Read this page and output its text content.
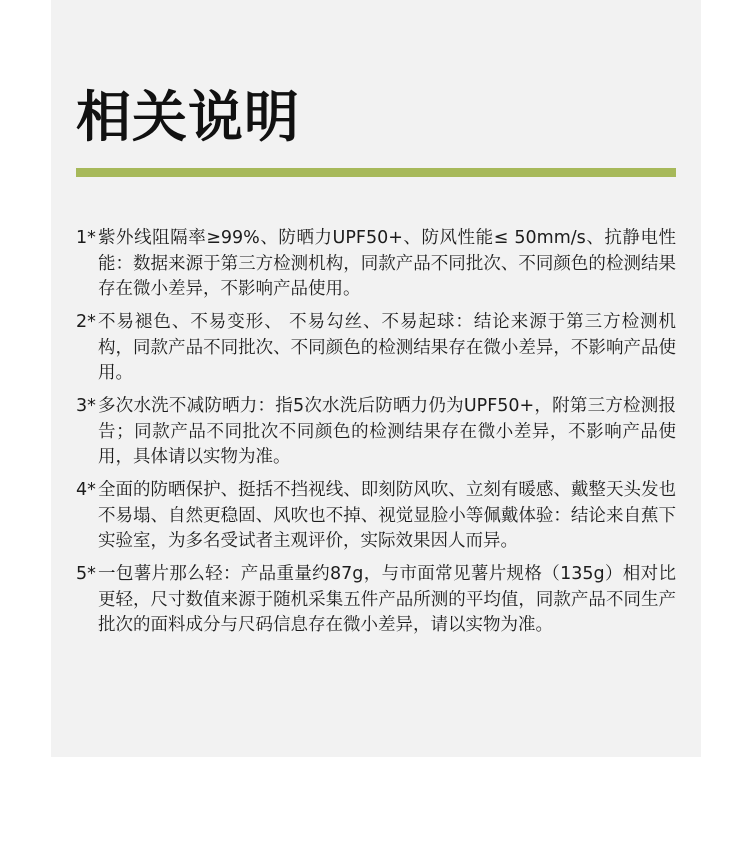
相关说明
1* 紫外线阻隔率≥99%、防晒力UPF50+、防风性能≤ 50mm/s、抗静电性能：数据来源于第三方检测机构，同款产品不同批次、不同颜色的检测结果存在微小差异，不影响产品使用。
2* 不易褪色、不易变形、 不易勾丝、不易起球：结论来源于第三方检测机构，同款产品不同批次、不同颜色的检测结果存在微小差异，不影响产品使用。
3* 多次水洗不减防晒力：指5次水洗后防晒力仍为UPF50+，附第三方检测报告；同款产品不同批次不同颜色的检测结果存在微小差异，不影响产品使用，具体请以实物为准。
4* 全面的防晒保护、挺括不挡视线、即刻防风吹、立刻有暖感、戴整天头发也不易塌、自然更稳固、风吹也不掉、视觉显脸小等佩戴体验：结论来自蕉下实验室，为多名受试者主观评价，实际效果因人而异。
5* 一包薯片那么轻：产品重量约87g，与市面常见薯片规格（135g）相对比更轻，尺寸数值来源于随机采集五件产品所测的平均值，同款产品不同生产批次的面料成分与尺码信息存在微小差异，请以实物为准。
